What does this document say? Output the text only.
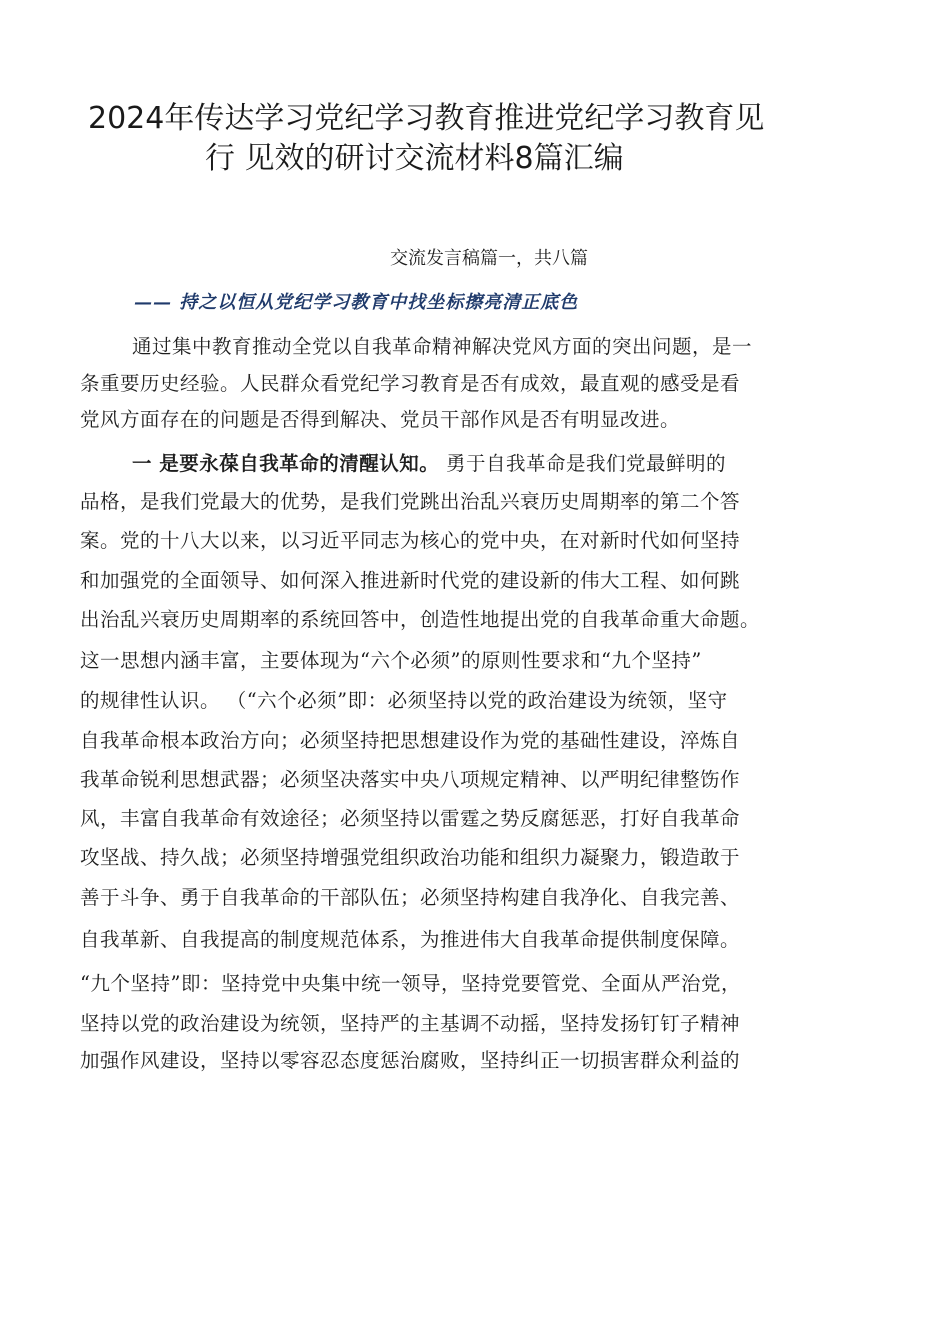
2024年传达学习党纪学习教育推进党纪学习教育见
行 见效的研讨交流材料8篇汇编
交流发言稿篇一，共八篇
—— 持之以恒从党纪学习教育中找坐标擦亮清正底色
通过集中教育推动全党以自我革命精神解决党风方面的突出问题，是一
条重要历史经验。人民群众看党纪学习教育是否有成效，最直观的感受是看
党风方面存在的问题是否得到解决、党员干部作风是否有明显改进。
一 是要永葆自我革命的清醒认知。 勇于自我革命是我们党最鲜明的
品格，是我们党最大的优势，是我们党跳出治乱兴衰历史周期率的第二个答
案。党的十八大以来，以习近平同志为核心的党中央，在对新时代如何坚持
和加强党的全面领导、如何深入推进新时代党的建设新的伟大工程、如何跳
出治乱兴衰历史周期率的系统回答中，创造性地提出党的自我革命重大命题。
这一思想内涵丰富，主要体现为“六个必须”的原则性要求和“九个坚持”
的规律性认识。 （“六个必须”即：必须坚持以党的政治建设为统领，坚守
自我革命根本政治方向；必须坚持把思想建设作为党的基础性建设，淬炼自
我革命锐利思想武器；必须坚决落实中央八项规定精神、以严明纪律整饬作
风，丰富自我革命有效途径；必须坚持以雷霆之势反腐惩恶，打好自我革命
攻坚战、持久战；必须坚持增强党组织政治功能和组织力凝聚力，锻造敢于
善于斗争、勇于自我革命的干部队伍；必须坚持构建自我净化、自我完善、
自我革新、自我提高的制度规范体系，为推进伟大自我革命提供制度保障。
“九个坚持”即：坚持党中央集中统一领导，坚持党要管党、全面从严治党，
坚持以党的政治建设为统领，坚持严的主基调不动摇，坚持发扬钉钉子精神
加强作风建设，坚持以零容忍态度惩治腐败，坚持纠正一切损害群众利益的
